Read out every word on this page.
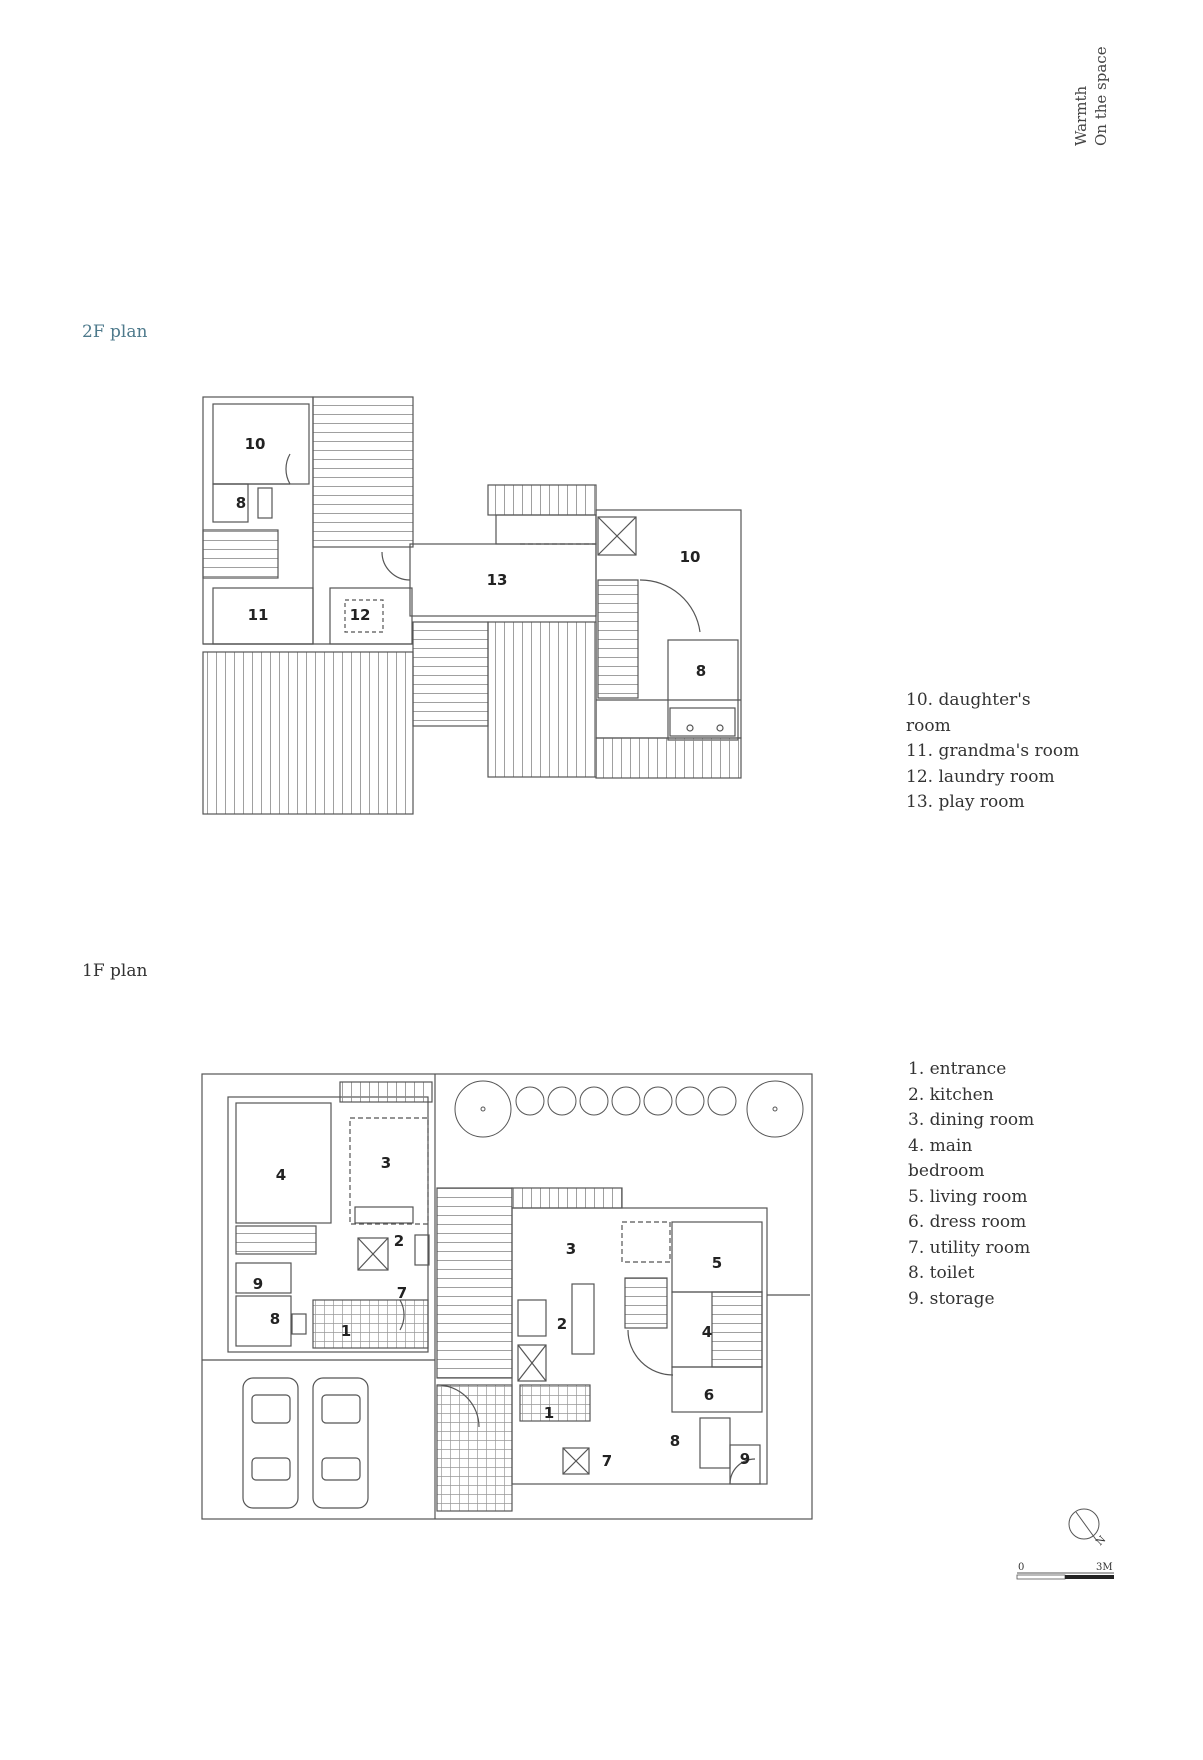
Warmth On the space
2F plan
1F plan
10. daughter's
room
11. grandma's room
12. laundry room
13. play room
1. entrance
2. kitchen
3. dining room
4. main
bedroom
5. living room
6. dress room
7. utility room
8. toilet
9. storage
10
8
11	12
13
10
8
4
3
2
7
9
8
1
3
5
2	4
6
1
8
7	9
N
0	3M
